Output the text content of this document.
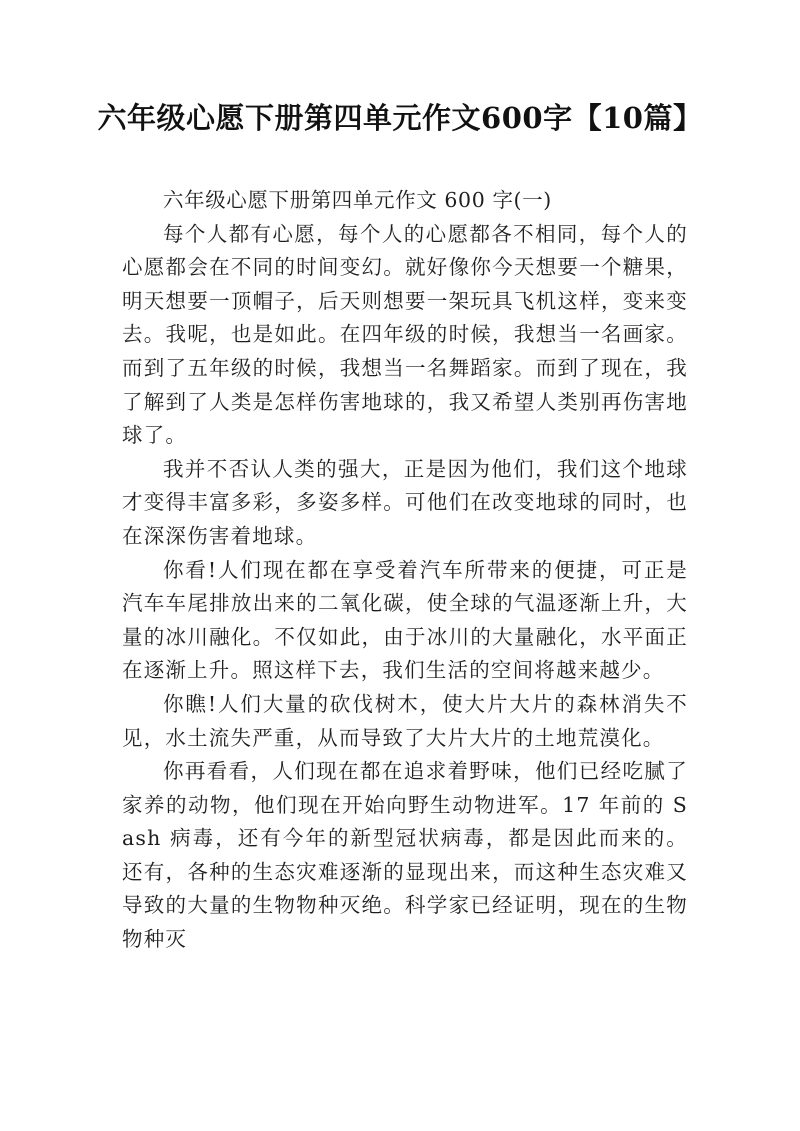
六年级心愿下册第四单元作文600字【10篇】

六年级心愿下册第四单元作文 600 字(一)

每个人都有心愿，每个人的心愿都各不相同，每个人的心愿都会在不同的时间变幻。就好像你今天想要一个糖果，明天想要一顶帽子，后天则想要一架玩具飞机这样，变来变去。我呢，也是如此。在四年级的时候，我想当一名画家。而到了五年级的时候，我想当一名舞蹈家。而到了现在，我了解到了人类是怎样伤害地球的，我又希望人类别再伤害地球了。

我并不否认人类的强大，正是因为他们，我们这个地球才变得丰富多彩，多姿多样。可他们在改变地球的同时，也在深深伤害着地球。

你看!人们现在都在享受着汽车所带来的便捷，可正是汽车车尾排放出来的二氧化碳，使全球的气温逐渐上升，大量的冰川融化。不仅如此，由于冰川的大量融化，水平面正在逐渐上升。照这样下去，我们生活的空间将越来越少。

你瞧!人们大量的砍伐树木，使大片大片的森林消失不见，水土流失严重，从而导致了大片大片的土地荒漠化。

你再看看，人们现在都在追求着野味，他们已经吃腻了家养的动物，他们现在开始向野生动物进军。17 年前的 Sash 病毒，还有今年的新型冠状病毒，都是因此而来的。还有，各种的生态灾难逐渐的显现出来，而这种生态灾难又导致的大量的生物物种灭绝。科学家已经证明，现在的生物物种灭
